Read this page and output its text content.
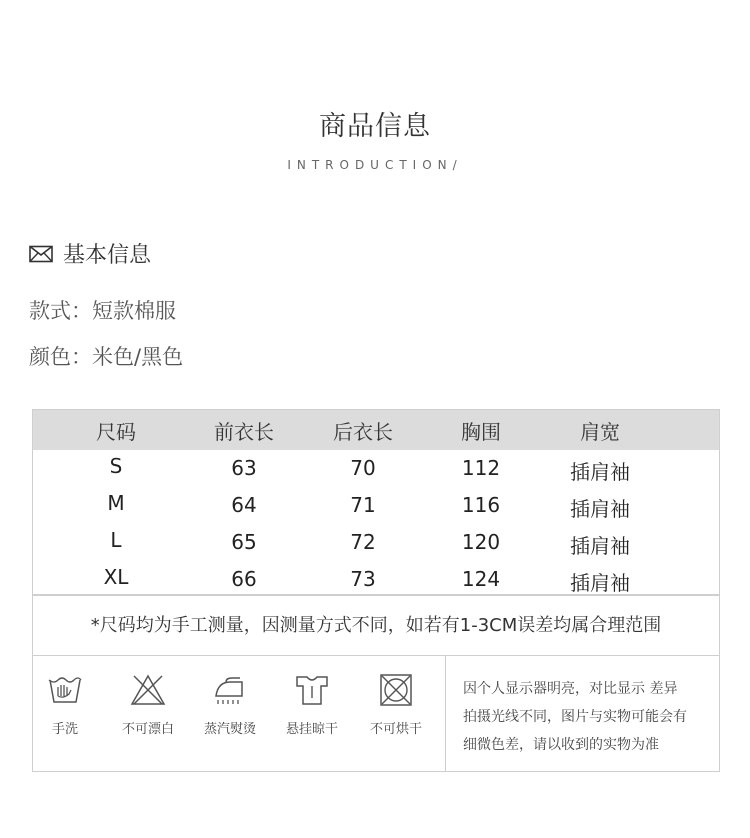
商品信息
INTRODUCTION/
基本信息
款式：短款棉服
颜色：米色/黑色
尺码	前衣长	后衣长	胸围	肩宽
S	63	70	112	插肩袖
M	64	71	116	插肩袖
L	65	72	120	插肩袖
XL	66	73	124	插肩袖
*尺码均为手工测量，因测量方式不同，如若有1-3CM误差均属合理范围
手洗	不可漂白	蒸汽熨烫	悬挂晾干	不可烘干
因个人显示器明亮，对比显示 差异
拍摄光线不同，图片与实物可能会有
细微色差，请以收到的实物为准
